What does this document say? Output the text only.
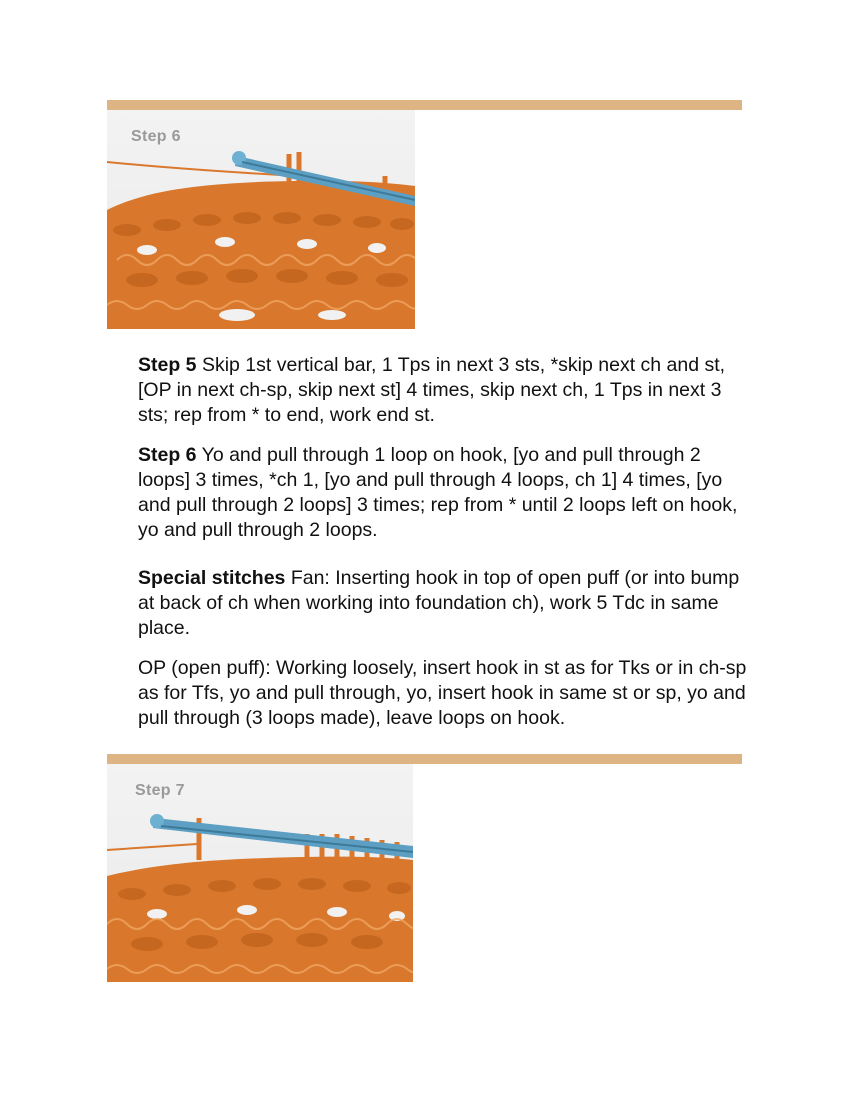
Step 6

Step 5 Skip 1st vertical bar, 1 Tps in next 3 sts, *skip next ch and st, [OP in next ch-sp, skip next st] 4 times, skip next ch, 1 Tps in next 3 sts; rep from * to end, work end st.

Step 6 Yo and pull through 1 loop on hook, [yo and pull through 2 loops] 3 times, *ch 1, [yo and pull through 4 loops, ch 1] 4 times, [yo and pull through 2 loops] 3 times; rep from * until 2 loops left on hook, yo and pull through 2 loops.

Special stitches Fan: Inserting hook in top of open puff (or into bump at back of ch when working into foundation ch), work 5 Tdc in same place.

OP (open puff): Working loosely, insert hook in st as for Tks or in ch-sp as for Tfs, yo and pull through, yo, insert hook in same st or sp, yo and pull through (3 loops made), leave loops on hook.

Step 7
